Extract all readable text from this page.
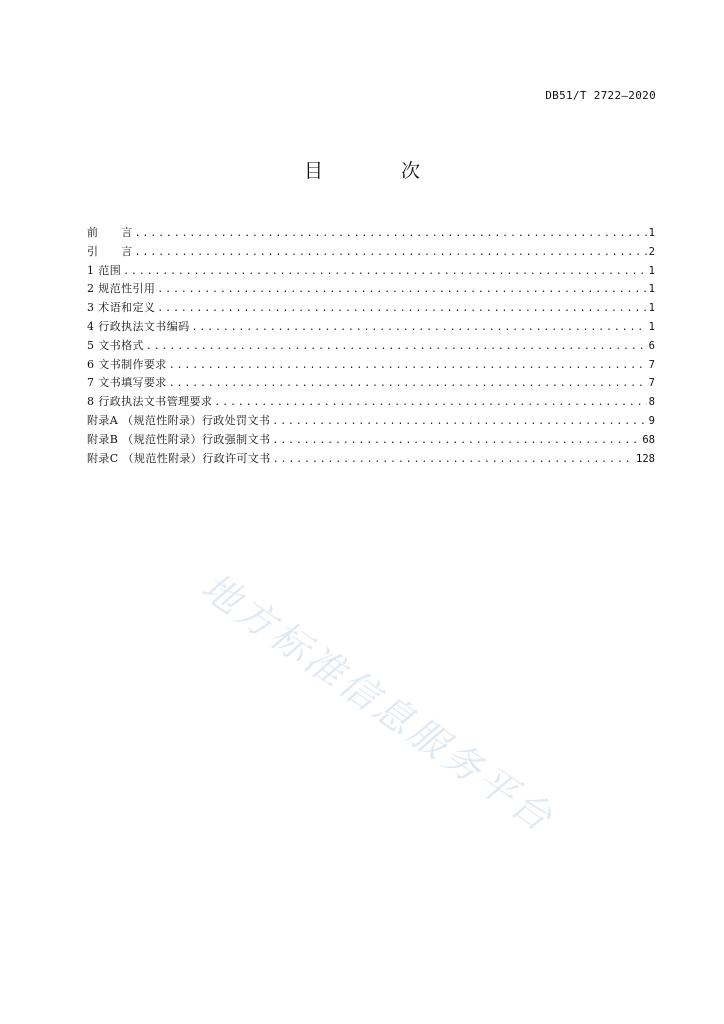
DB51/T 2722—2020
目 次
前　　言 .....	1
引　　言 .....	2
1 范围 .....	1
2 规范性引用 .....	1
3 术语和定义 .....	1
4 行政执法文书编码 .....	1
5 文书格式 .....	6
6 文书制作要求 .....	7
7 文书填写要求 .....	7
8 行政执法文书管理要求 .....	8
附录A （规范性附录）行政处罚文书 .....	9
附录B （规范性附录）行政强制文书 .....	68
附录C （规范性附录）行政许可文书 .....	128
地方标准信息服务平台
